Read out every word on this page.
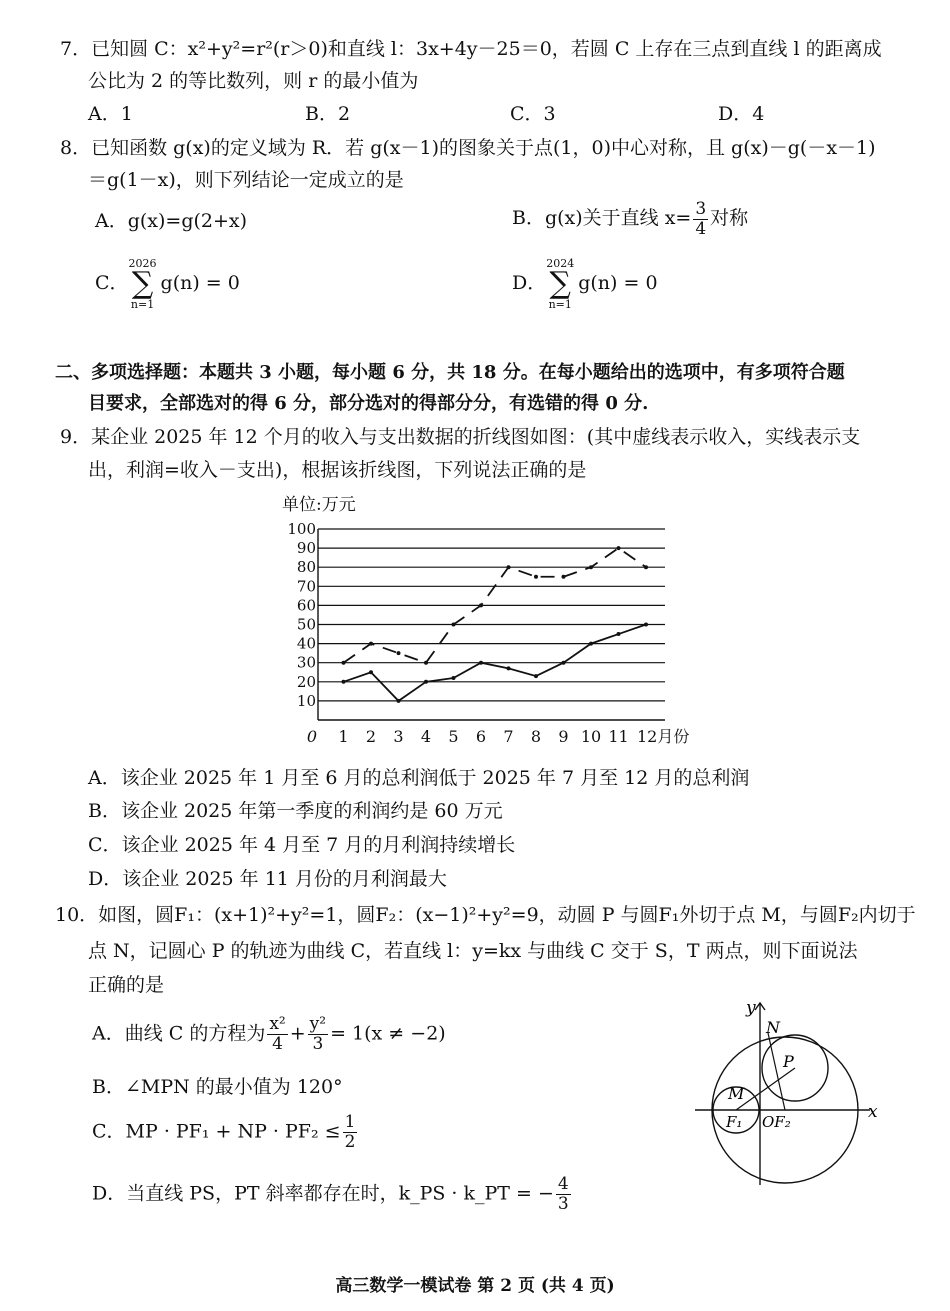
7．已知圆 C：x²+y²=r²(r＞0)和直线 l：3x+4y－25＝0，若圆 C 上存在三点到直线 l 的距离成
公比为 2 的等比数列，则 r 的最小值为
A．1	B．2	C．3	D．4
8．已知函数 g(x)的定义域为 R．若 g(x－1)的图象关于点(1，0)中心对称，且 g(x)－g(－x－1)
＝g(1－x)，则下列结论一定成立的是
A．g(x)=g(2+x)	B．g(x)关于直线 $x= \frac{3}{4}$ 对称
C．
2026
∑
n=1
g(n) = 0	D．
2024
∑
n=1
g(n) = 0
二、多项选择题：本题共 3 小题，每小题 6 分，共 18 分。在每小题给出的选项中，有多项符合题
目要求，全部选对的得 6 分，部分选对的得部分分，有选错的得 0 分.
9．某企业 2025 年 12 个月的收入与支出数据的折线图如图：(其中虚线表示收入，实线表示支
出，利润=收入－支出)，根据该折线图，下列说法正确的是
单位:万元
10
20
30
40
50
60
70
80
90
100
0 1 2 3 4 5 6 7 8 9 10 11 12月份
A．该企业 2025 年 1 月至 6 月的总利润低于 2025 年 7 月至 12 月的总利润
B．该企业 2025 年第一季度的利润约是 60 万元
C．该企业 2025 年 4 月至 7 月的月利润持续增长
D．该企业 2025 年 11 月份的月利润最大
10．如图，圆F₁：(x+1)²+y²=1，圆F₂：(x−1)²+y²=9，动圆 P 与圆F₁外切于点 M，与圆F₂内切于
点 N，记圆心 P 的轨迹为曲线 C，若直线 l：y=kx 与曲线 C 交于 S，T 两点，则下面说法
正确的是
A．曲线 C 的方程为 $\frac{\text{x²}}{4} + \frac{\text{y²}}{3} = 1(x \ne -2)$
B．∠MPN 的最小值为 120°
C．MP · PF₁ + NP · $PF_2 \le \frac{1}{2}$
D．当直线 PS，PT 斜率都存在时，k_PS · k_PT = − $\frac{4}{3}$
y
x
N
P
M
F₁ OF₂
高三数学一模试卷 第 2 页 (共 4 页)
